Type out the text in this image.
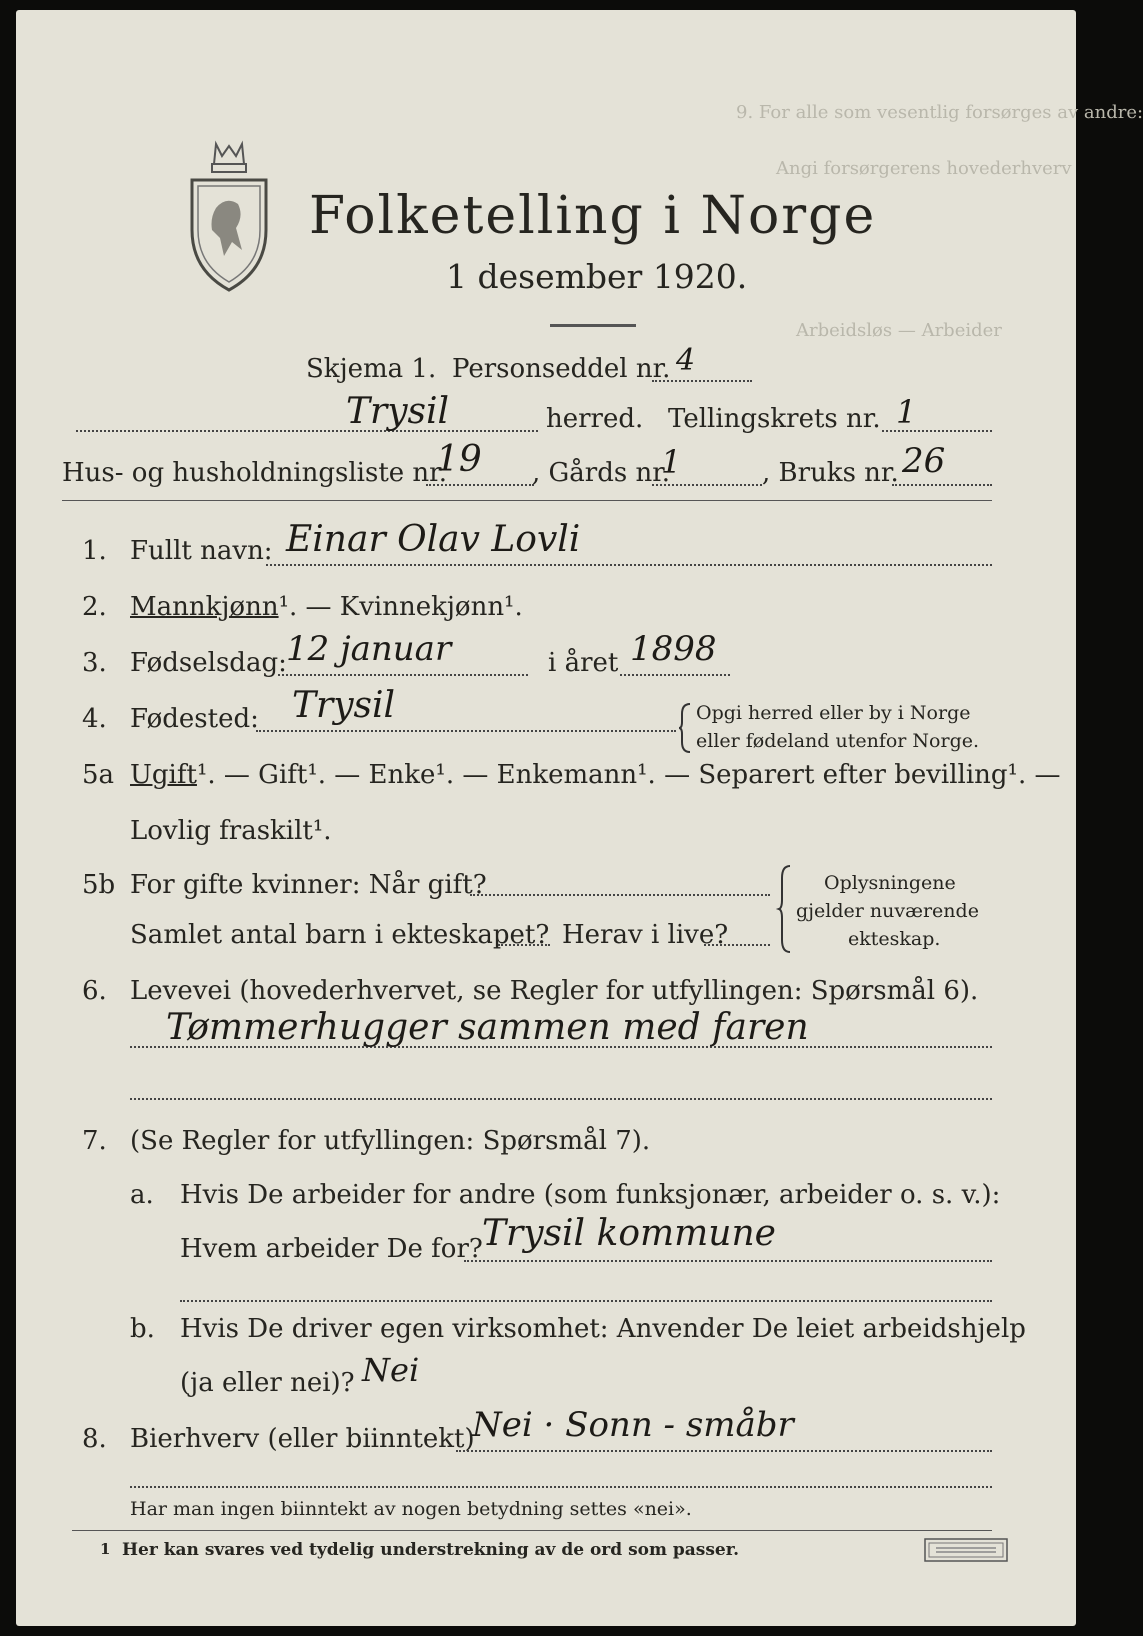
Folketelling i Norge
1 desember 1920.
9. For alle som vesentlig forsørges av andre:
Angi forsørgerens hovederhverv
Arbeidsløs — Arbeider
Skjema 1. Personseddel nr. 4
Trysil	herred. Tellingskrets nr. 1
Hus- og husholdningsliste nr.
19 , Gårds nr.
1	, Bruks nr. 26
1. Fullt navn: Einar Olav Lovli
2. Mannkjønn¹. — Kvinnekjønn¹.
3. Fødselsdag: 12 januar	i året 1898
4. Fødested: Trysil	Opgi herred eller by i Norge
eller fødeland utenfor Norge.
5a Ugift¹. — Gift¹. — Enke¹. — Enkemann¹. — Separert efter bevilling¹. —
Lovlig fraskilt¹.
5b For gifte kvinner: Når gift?
Samlet antal barn i ekteskapet? Herav i live?
Oplysningene
gjelder nuværende
ekteskap.
6. Levevei (hovederhvervet, se Regler for utfyllingen: Spørsmål 6).
Tømmerhugger sammen med faren
7. (Se Regler for utfyllingen: Spørsmål 7).
a. Hvis De arbeider for andre (som funksjonær, arbeider o. s. v.):
Hvem arbeider De for? Trysil kommune
b. Hvis De driver egen virksomhet: Anvender De leiet arbeidshjelp
(ja eller nei)? Nei
8. Bierhverv (eller biinntekt)
Nei · Sonn - småbr
Har man ingen biinntekt av nogen betydning settes «nei».
1 Her kan svares ved tydelig understrekning av de ord som passer.
